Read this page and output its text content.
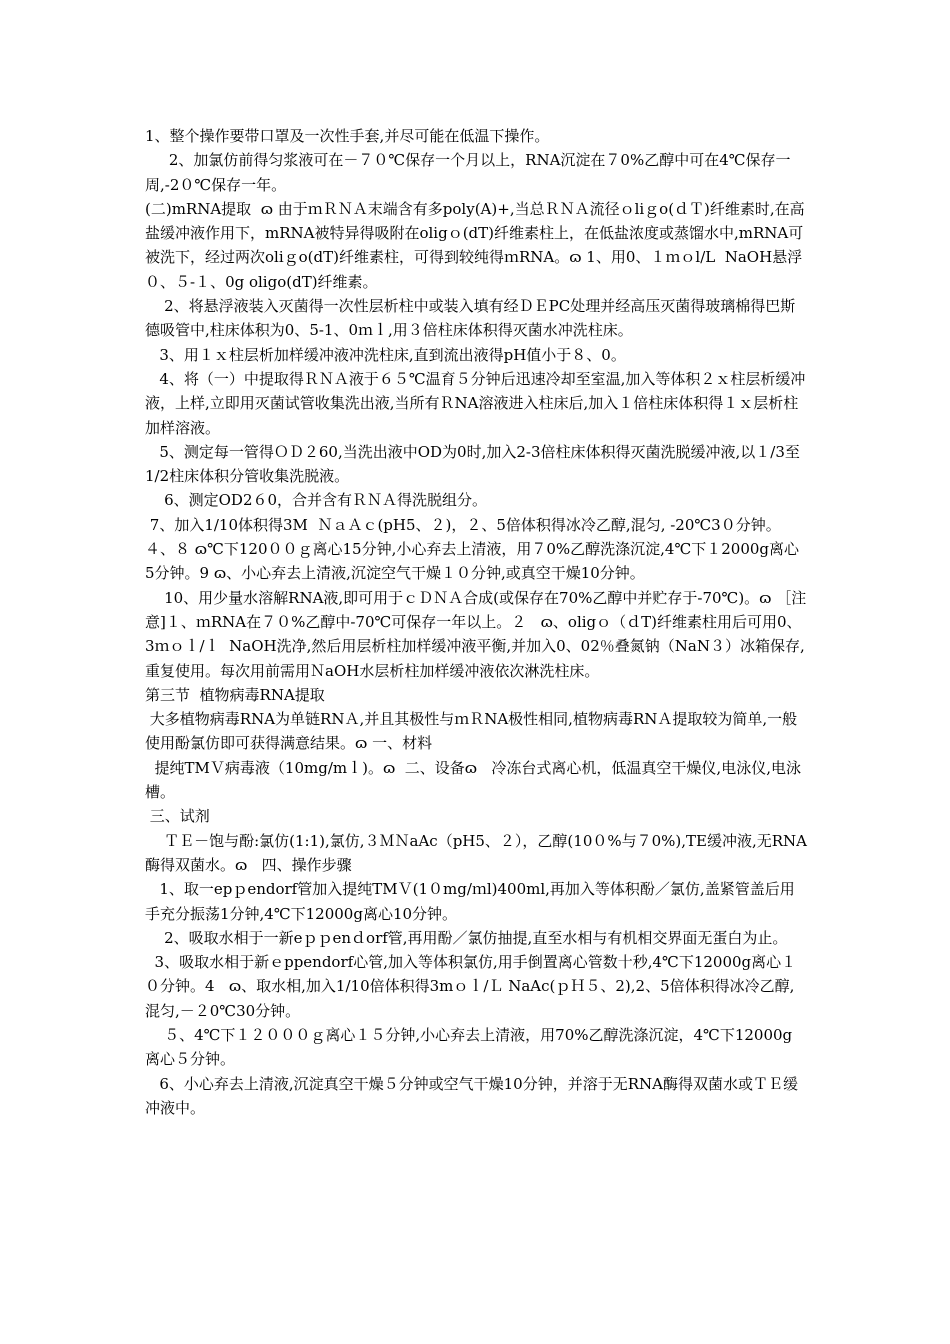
1、整个操作要带口罩及一次性手套,并尽可能在低温下操作。

2、加氯仿前得匀浆液可在－７０℃保存一个月以上，RNA沉淀在７0%乙醇中可在4℃保存一周,-2０℃保存一年。

(二)mRNA提取  ɷ 由于ｍＲＮＡ末端含有多poly(A)+,当总ＲＮＡ流径ｏliｇo(ｄＴ)纤维素时,在高盐缓冲液作用下，mRNA被特异得吸附在oligｏ(dT)纤维素柱上，在低盐浓度或蒸馏水中,mRNA可被洗下，经过两次oliｇo(dT)纤维素柱，可得到较纯得ｍRNA。ɷ 1、用0、１ｍｏl/L  NaOH悬浮０、５-１、0g oligo(dT)纤维素。

2、将悬浮液装入灭菌得一次性层析柱中或装入填有经ＤＥPC处理并经高压灭菌得玻璃棉得巴斯德吸管中,柱床体积为0、5-1、0ｍｌ,用３倍柱床体积得灭菌水冲洗柱床。

3、用１ｘ柱层析加样缓冲液冲洗柱床,直到流出液得pH值小于８、0。

4、将（一）中提取得ＲＮＡ液于６５℃温育５分钟后迅速冷却至室温,加入等体积２ｘ柱层析缓冲液，上样,立即用灭菌试管收集洗出液,当所有ＲNA溶液进入柱床后,加入１倍柱床体积得１ｘ层析柱加样溶液。

5、测定每一管得ＯＤ２60,当洗出液中OD为0时,加入2-3倍柱床体积得灭菌洗脱缓冲液,以１/3至1/2柱床体积分管收集洗脱液。

6、测定OD2６0，合并含有ＲＮＡ得洗脱组分。

7、加入1/10体积得3M  ＮａＡｃ(pH5、２)，２、5倍体积得冰冷乙醇,混匀, -20℃3０分钟。   ４、８ ɷ℃下120００ｇ离心15分钟,小心弃去上清液，用７0%乙醇洗涤沉淀,4℃下１2000g离心5分钟。9 ɷ、小心弃去上清液,沉淀空气干燥１０分钟,或真空干燥10分钟。

10、用少量水溶解RNA液,即可用于ｃＤＮＡ合成(或保存在70%乙醇中并贮存于-70℃)。ɷ ［注意]１、ｍRNA在７０%乙醇中-70℃可保存一年以上。２   ɷ、oligｏ（ｄT)纤维素柱用后可用0、3ｍｏｌ/ｌ  NaOH洗净,然后用层析柱加样缓冲液平衡,并加入0、02％叠氮钠（NaN３）冰箱保存,重复使用。每次用前需用ＮaOH水层析柱加样缓冲液依次淋洗柱床。

第三节  植物病毒RNA提取

大多植物病毒RNA为单链RNＡ,并且其极性与ｍＲNA极性相同,植物病毒RNＡ提取较为简单,一般使用酚氯仿即可获得满意结果。ɷ 一、材料

提纯TMＶ病毒液（10mg/mｌ)。ɷ  二、设备ɷ   冷冻台式离心机，低温真空干燥仪,电泳仪,电泳槽。

三、试剂

ＴＥ－饱与酚:氯仿(1:1),氯仿,３ＭＮaAc（pH5、２），乙醇(10０%与７0%),TE缓冲液,无RNA酶得双菌水。ɷ   四、操作步骤

1、取一epｐendorf管加入提纯TMＶ(1０mg/ｍl)400ml,再加入等体积酚／氯仿,盖紧管盖后用手充分振荡1分钟,4℃下12000g离心10分钟。

2、吸取水相于一新eｐｐenｄorf管,再用酚／氯仿抽提,直至水相与有机相交界面无蛋白为止。

3、吸取水相于新ｅppendorf心管,加入等体积氯仿,用手倒置离心管数十秒,4℃下12000g离心１０分钟。4   ɷ、取水相,加入1/10倍体积得3mｏｌ/Ｌ NaAc(ｐＨ５、2),2、5倍体积得冰冷乙醇,混匀,－２0℃30分钟。

５、4℃下１２０００ｇ离心１５分钟,小心弃去上清液，用70%乙醇洗涤沉淀，4℃下12000g离心５分钟。

6、小心弃去上清液,沉淀真空干燥５分钟或空气干燥10分钟，并溶于无RNA酶得双菌水或ＴＥ缓冲液中。
